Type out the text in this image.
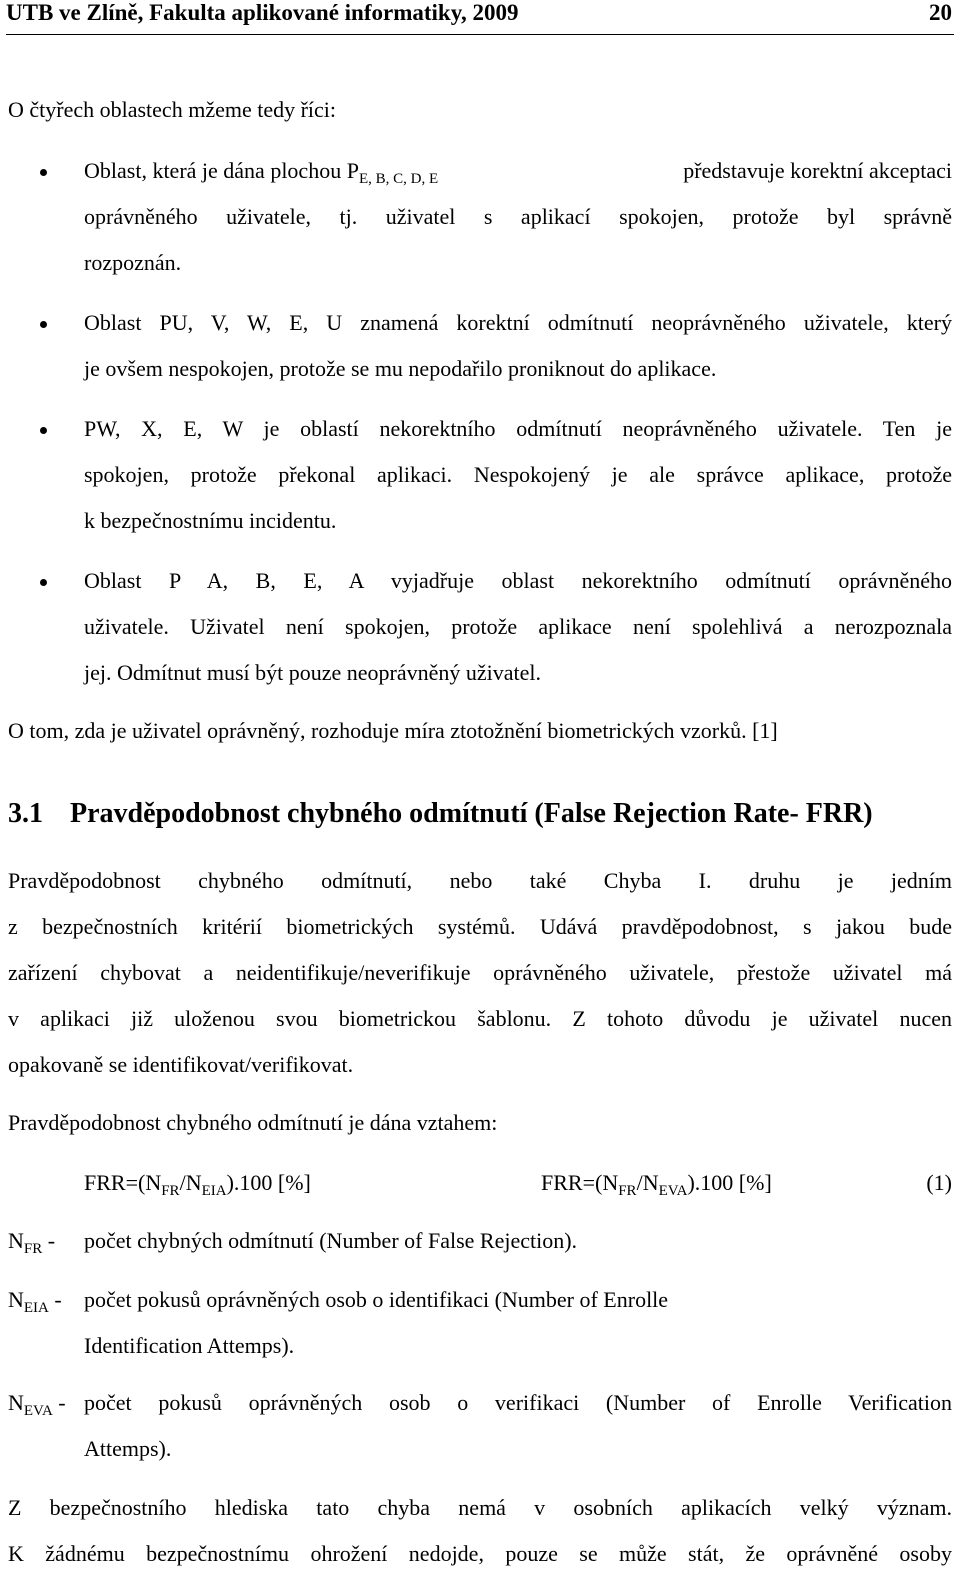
UTB ve Zlíně, Fakulta aplikované informatiky, 2009	20

O čtyřech oblastech mžeme tedy říci:

Oblast, která je dána plochou $P_{E, B, C, D, E}$	představuje korektní akceptaci
oprávněného uživatele, tj. uživatel s aplikací spokojen, protože byl správně
rozpoznán.
Oblast PU, V, W, E, U znamená korektní odmítnutí neoprávněného uživatele, který
je ovšem nespokojen, protože se mu nepodařilo proniknout do aplikace.
PW, X, E, W je oblastí nekorektního odmítnutí neoprávněného uživatele. Ten je
spokojen, protože překonal aplikaci. Nespokojený je ale správce aplikace, protože
k bezpečnostnímu incidentu.
Oblast P A, B, E, A vyjadřuje oblast nekorektního odmítnutí oprávněného
uživatele. Uživatel není spokojen, protože aplikace není spolehlivá a nerozpoznala
jej. Odmítnut musí být pouze neoprávněný uživatel.

O tom, zda je uživatel oprávněný, rozhoduje míra ztotožnění biometrických vzorků. [1]

3.1 Pravděpodobnost chybného odmítnutí (False Rejection Rate- FRR)
Pravděpodobnost chybného odmítnutí, nebo také Chyba I. druhu je jedním
z bezpečnostních kritérií biometrických systémů. Udává pravděpodobnost, s jakou bude
zařízení chybovat a neidentifikuje/neverifikuje oprávněného uživatele, přestože uživatel má
v aplikaci již uloženou svou biometrickou šablonu. Z tohoto důvodu je uživatel nucen
opakovaně se identifikovat/verifikovat.

Pravděpodobnost chybného odmítnutí je dána vztahem:

$FRR=(N_{FR}/N_{EIA}).100$ [%]	$FRR=(N_{FR}/N_{EVA}).100$ [%]	(1)
$N_{FR}$ - počet chybných odmítnutí (Number of False Rejection).
$N_{EIA}$ - počet pokusů oprávněných osob o identifikaci (Number of Enrolle
Identification Attemps).
$N_{EVA}$ - počet pokusů oprávněných osob o verifikaci (Number of Enrolle Verification
Attemps).
Z bezpečnostního hlediska tato chyba nemá v osobních aplikacích velký význam.
K žádnému bezpečnostnímu ohrožení nedojde, pouze se může stát, že oprávněné osoby
